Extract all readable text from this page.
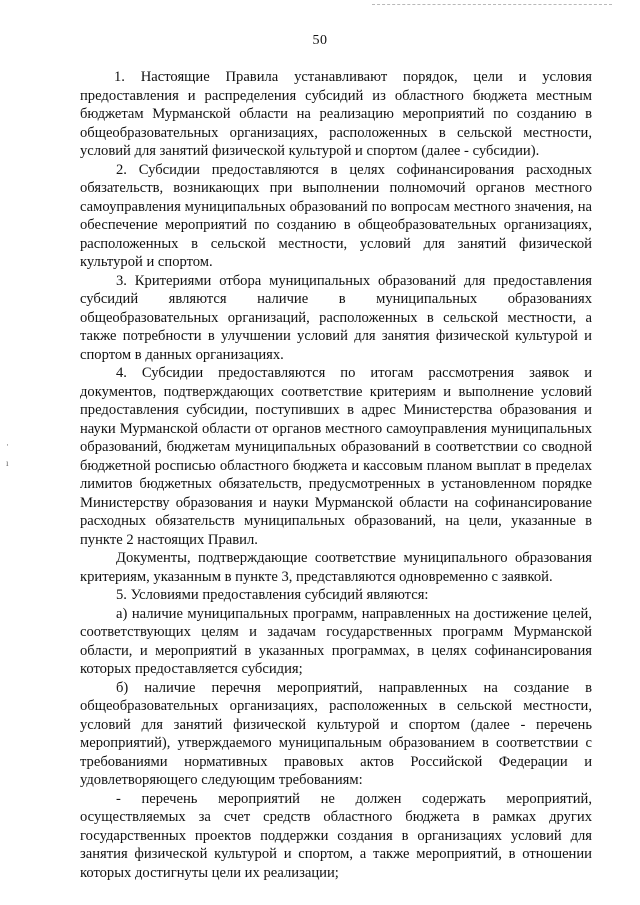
50
·
ı

1. Настоящие Правила устанавливают порядок, цели и условия предоставления и распределения субсидий из областного бюджета местным бюджетам Мурманской области на реализацию мероприятий по созданию в общеобразовательных организациях, расположенных в сельской местности, условий для занятий физической культурой и спортом (далее - субсидии).

2. Субсидии предоставляются в целях софинансирования расходных обязательств, возникающих при выполнении полномочий органов местного самоуправления муниципальных образований по вопросам местного значения, на обеспечение мероприятий по созданию в общеобразовательных организациях, расположенных в сельской местности, условий для занятий физической культурой и спортом.

3. Критериями отбора муниципальных образований для предоставления субсидий являются наличие в муниципальных образованиях общеобразовательных организаций, расположенных в сельской местности, а также потребности в улучшении условий для занятия физической культурой и спортом в данных организациях.

4. Субсидии предоставляются по итогам рассмотрения заявок и документов, подтверждающих соответствие критериям и выполнение условий предоставления субсидии, поступивших в адрес Министерства образования и науки Мурманской области от органов местного самоуправления муниципальных образований, бюджетам муниципальных образований в соответствии со сводной бюджетной росписью областного бюджета и кассовым планом выплат в пределах лимитов бюджетных обязательств, предусмотренных в установленном порядке Министерству образования и науки Мурманской области на софинансирование расходных обязательств муниципальных образований, на цели, указанные в пункте 2 настоящих Правил.

Документы, подтверждающие соответствие муниципального образования критериям, указанным в пункте 3, представляются одновременно с заявкой.

5. Условиями предоставления субсидий являются:

а) наличие муниципальных программ, направленных на достижение целей, соответствующих целям и задачам государственных программ Мурманской области, и мероприятий в указанных программах, в целях софинансирования которых предоставляется субсидия;

б) наличие перечня мероприятий, направленных на создание в общеобразовательных организациях, расположенных в сельской местности, условий для занятий физической культурой и спортом (далее - перечень мероприятий), утверждаемого муниципальным образованием в соответствии с требованиями нормативных правовых актов Российской Федерации и удовлетворяющего следующим требованиям:

- перечень мероприятий не должен содержать мероприятий, осуществляемых за счет средств областного бюджета в рамках других государственных проектов поддержки создания в организациях условий для занятия физической культурой и спортом, а также мероприятий, в отношении которых достигнуты цели их реализации;
